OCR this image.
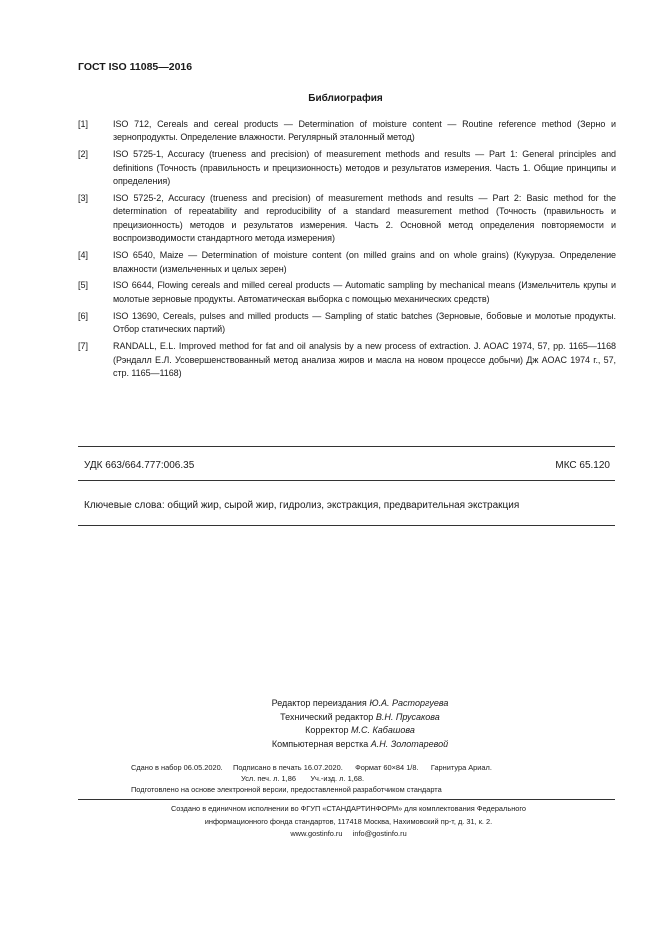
ГОСТ ISO 11085—2016
Библиография
[1]	ISO 712, Cereals and cereal products — Determination of moisture content — Routine reference method (Зерно и зернопродукты. Определение влажности. Регулярный эталонный метод)
[2]	ISO 5725-1, Accuracy (trueness and precision) of measurement methods and results — Part 1: General principles and definitions (Точность (правильность и прецизионность) методов и результатов измерения. Часть 1. Общие принципы и определения)
[3]	ISO 5725-2, Accuracy (trueness and precision) of measurement methods and results — Part 2: Basic method for the determination of repeatability and reproducibility of a standard measurement method (Точность (правильность и прецизионность) методов и результатов измерения. Часть 2. Основной метод определения повторяемости и воспроизводимости стандартного метода измерения)
[4]	ISO 6540, Maize — Determination of moisture content (on milled grains and on whole grains) (Кукуруза. Определение влажности (измельченных и целых зерен)
[5]	ISO 6644, Flowing cereals and milled cereal products — Automatic sampling by mechanical means (Измельчитель крупы и молотые зерновые продукты. Автоматическая выборка с помощью механических средств)
[6]	ISO 13690, Cereals, pulses and milled products — Sampling of static batches (Зерновые, бобовые и молотые продукты. Отбор статических партий)
[7]	RANDALL, E.L. Improved method for fat and oil analysis by a new process of extraction. J. AOAC 1974, 57, pp. 1165—1168 (Рэндалл Е.Л. Усовершенствованный метод анализа жиров и масла на новом процессе добычи) Дж AOAC 1974 г., 57, стр. 1165—1168)
УДК 663/664.777:006.35	МКС 65.120
Ключевые слова: общий жир, сырой жир, гидролиз, экстракция, предварительная экстракция
Редактор переиздания Ю.А. Расторгуева
Технический редактор В.Н. Прусакова
Корректор М.С. Кабашова
Компьютерная верстка А.Н. Золотаревой
Сдано в набор 06.05.2020. Подписано в печать 16.07.2020. Формат 60×84 1/8. Гарнитура Ариал.
Усл. печ. л. 1,86 Уч.-изд. л. 1,68.
Подготовлено на основе электронной версии, предоставленной разработчиком стандарта
Создано в единичном исполнении во ФГУП «СТАНДАРТИНФОРМ» для комплектования Федерального
информационного фонда стандартов, 117418 Москва, Нахимовский пр-т, д. 31, к. 2.
www.gostinfo.ru     info@gostinfo.ru
